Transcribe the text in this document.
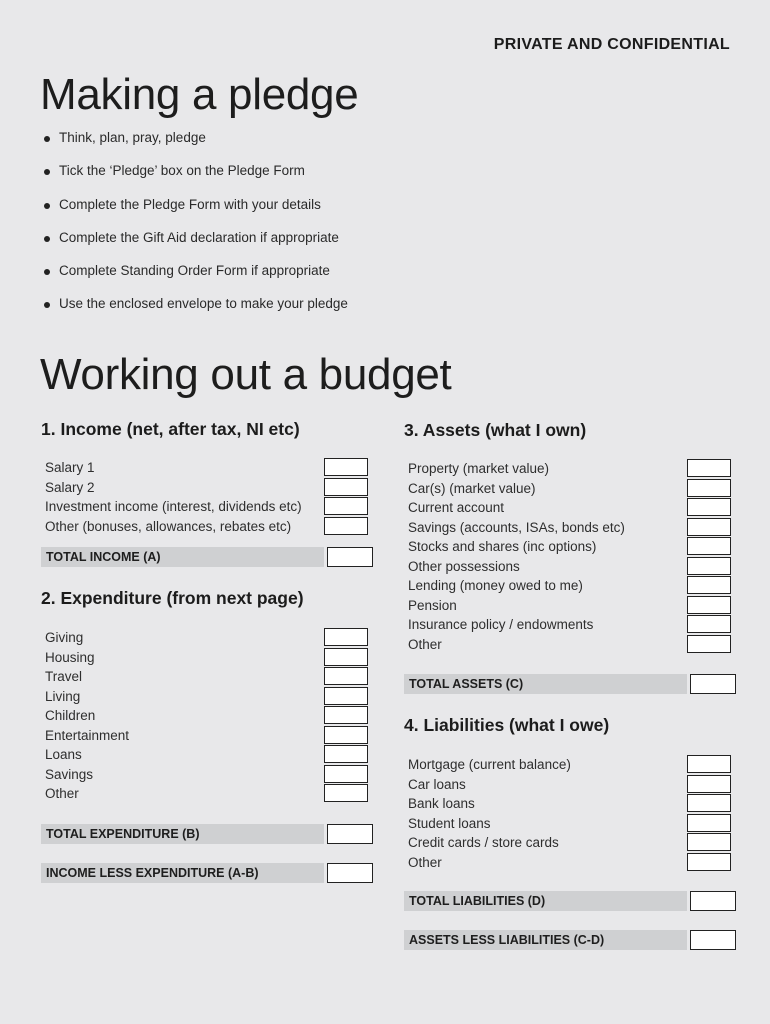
PRIVATE AND CONFIDENTIAL
Making a pledge
Think, plan, pray, pledge
Tick the ‘Pledge’ box on the Pledge Form
Complete the Pledge Form with your details
Complete the Gift Aid declaration if appropriate
Complete Standing Order Form if appropriate
Use the enclosed envelope to make your pledge
Working out a budget
1. Income (net, after tax, NI etc)
Salary 1
Salary 2
Investment income (interest, dividends etc)
Other (bonuses, allowances, rebates etc)
TOTAL INCOME (A)
2. Expenditure (from next page)
Giving
Housing
Travel
Living
Children
Entertainment
Loans
Savings
Other
TOTAL EXPENDITURE (B)
INCOME LESS EXPENDITURE (A-B)
3. Assets (what I own)
Property (market value)
Car(s) (market value)
Current account
Savings (accounts, ISAs, bonds etc)
Stocks and shares (inc options)
Other possessions
Lending (money owed to me)
Pension
Insurance policy / endowments
Other
TOTAL ASSETS (C)
4. Liabilities (what I owe)
Mortgage (current balance)
Car loans
Bank loans
Student loans
Credit cards / store cards
Other
TOTAL LIABILITIES (D)
ASSETS LESS LIABILITIES (C-D)
